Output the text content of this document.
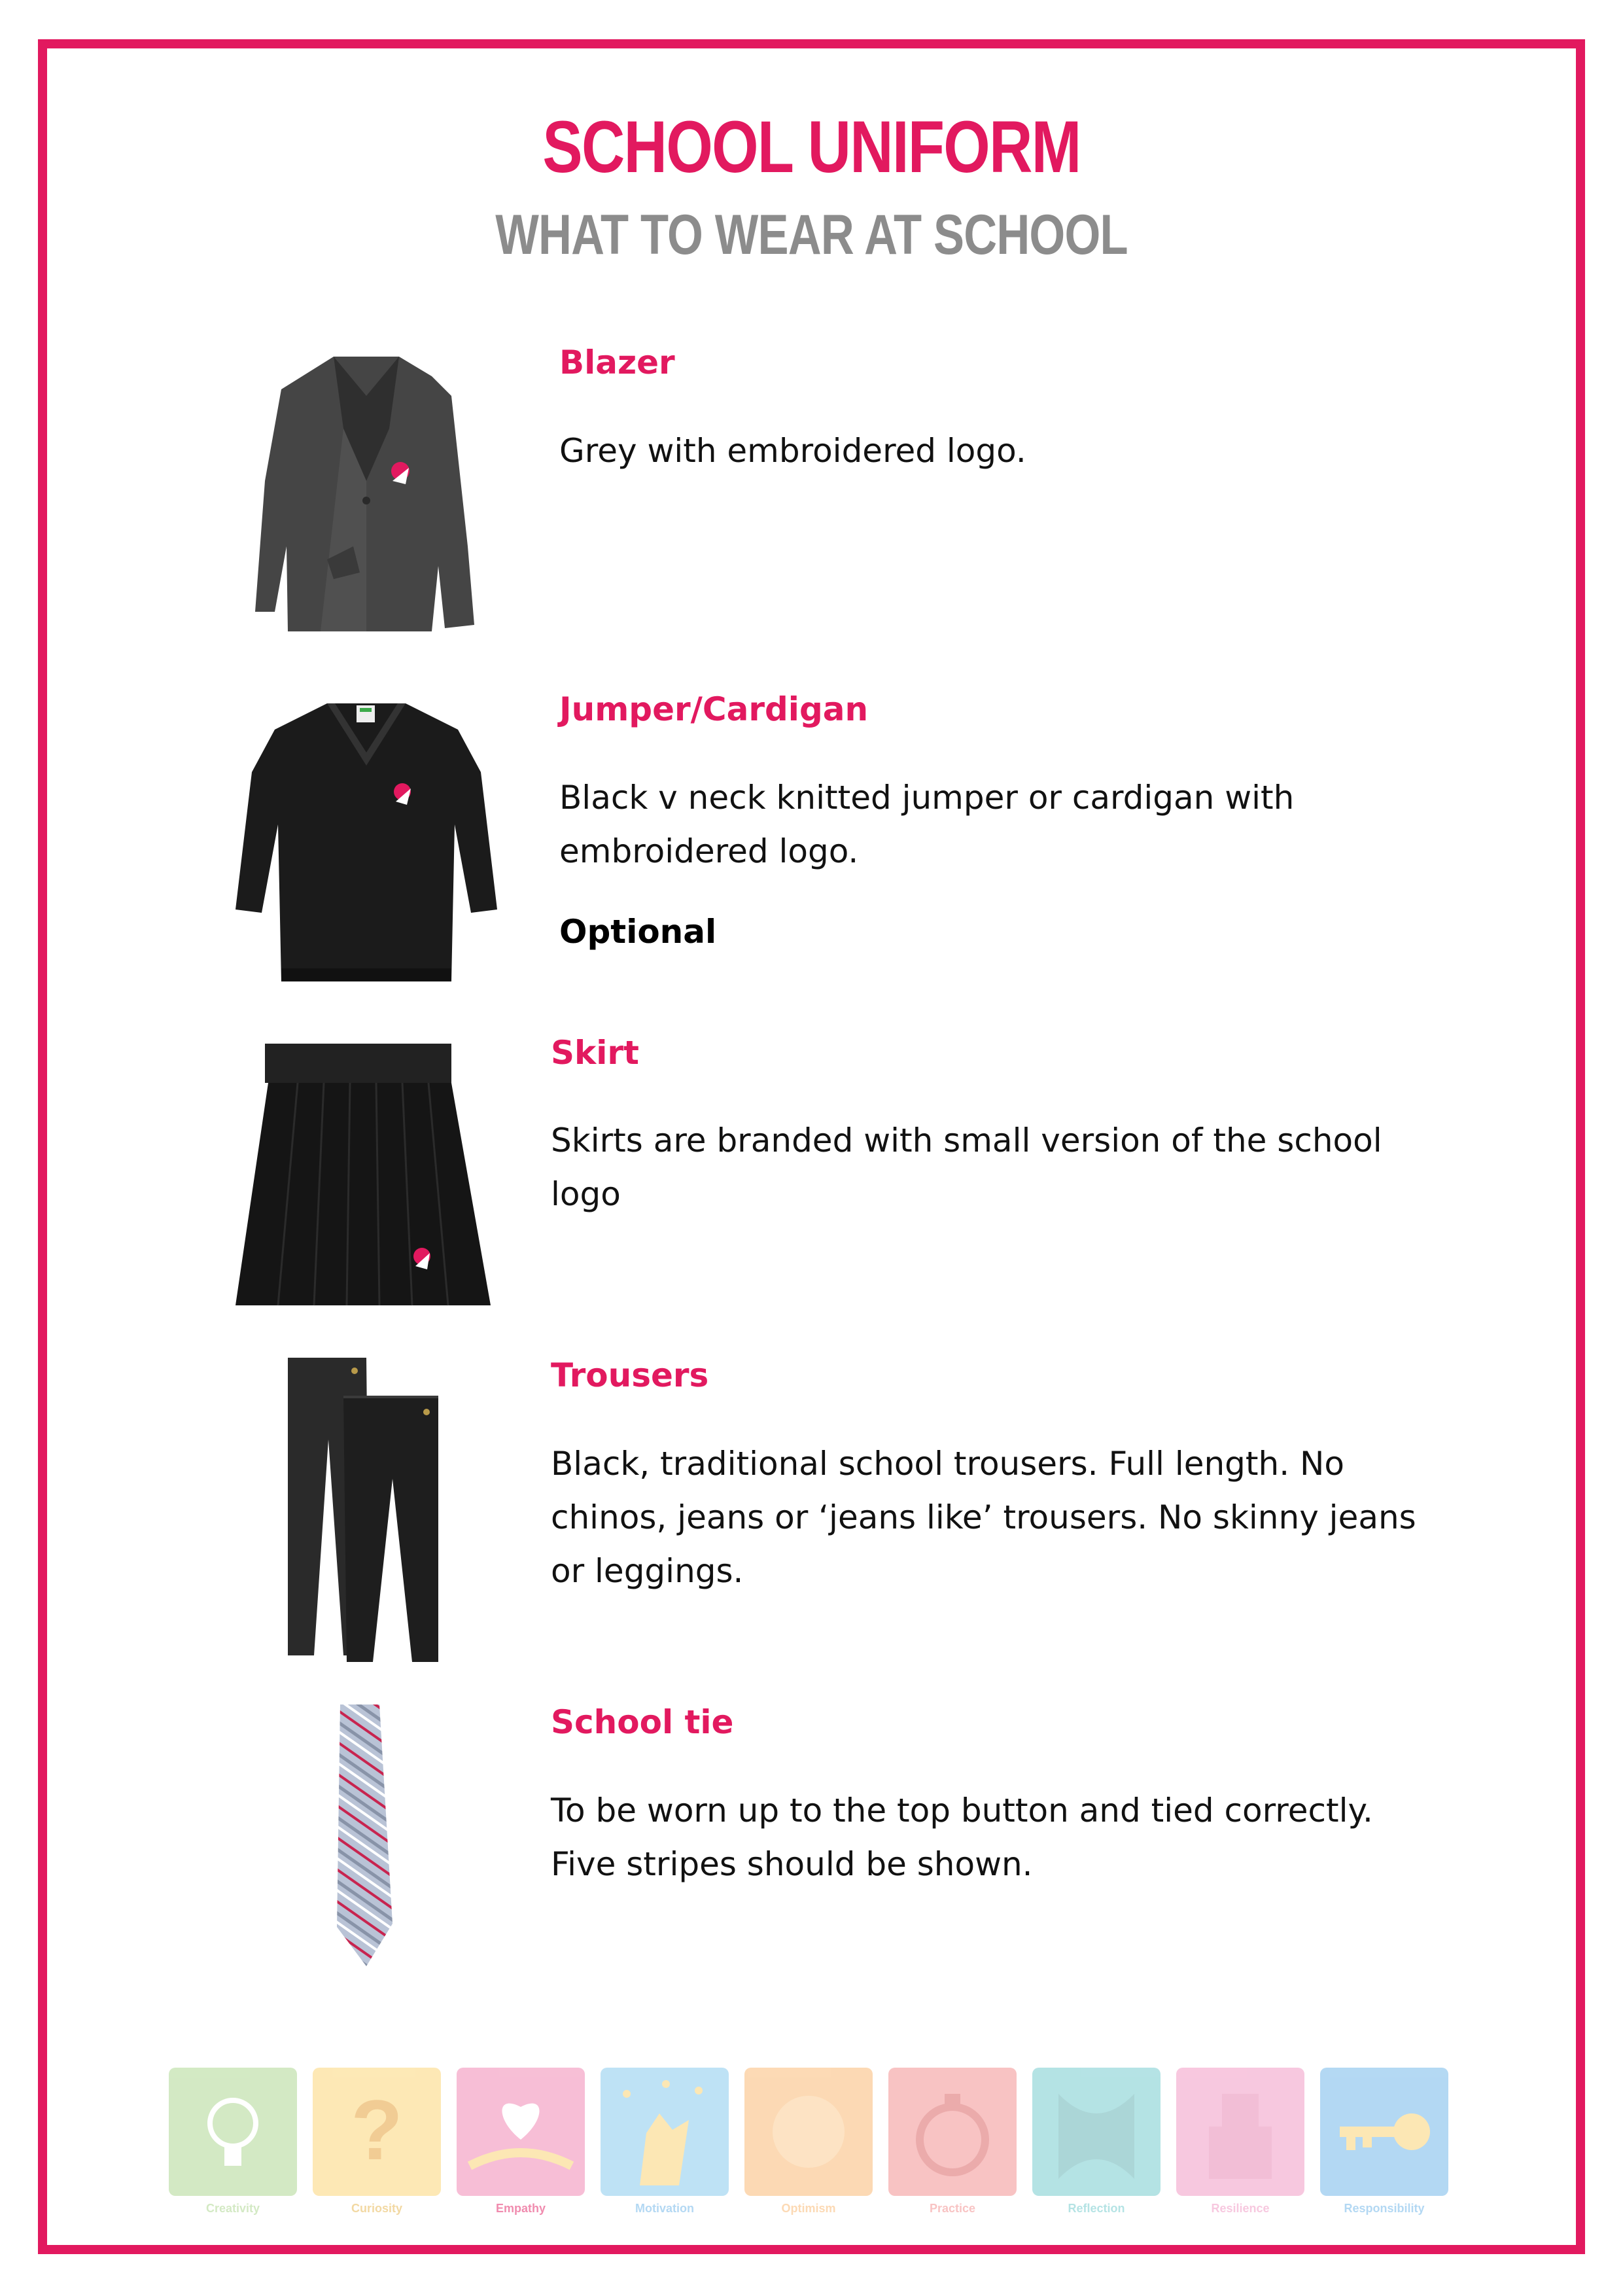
SCHOOL UNIFORM
WHAT TO WEAR AT SCHOOL
Blazer
Grey with embroidered logo.
Jumper/Cardigan
Black v neck knitted jumper or cardigan with embroidered logo.
Optional
Skirt
Skirts are branded with small version of the school logo
Trousers
Black, traditional school trousers. Full length. No chinos, jeans or ‘jeans like’ trousers. No skinny jeans or leggings.
School tie
To be worn up to the top button and tied correctly. Five stripes should be shown.
Creativity
?
Curiosity	Empathy	Motivation	Optimism	Practice	Reflection	Resilience	Responsibility
